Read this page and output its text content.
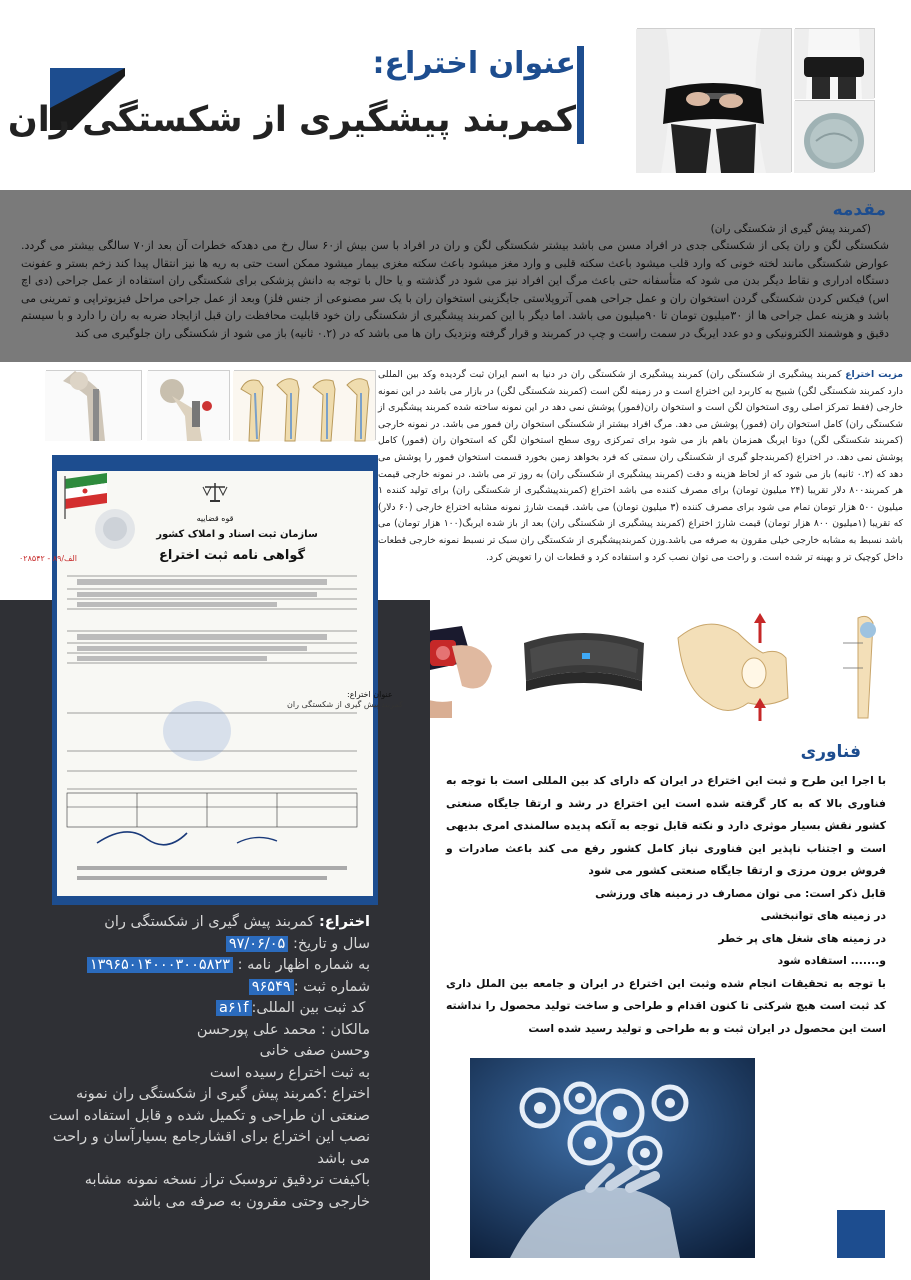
عنوان اختراع:
کمربند پیشگیری از شکستگی ران
مقدمه
(کمربند پیش گیری از شکستگی ران)
شکستگی لگن و ران یکی از شکستگی جدی در افراد مسن می باشد بیشتر شکستگی لگن و ران در افراد با سن بیش از۶۰ سال رخ می دهدکه خطرات آن بعد از۷۰ سالگی بیشتر می گردد. عوارض شکستگی مانند لخته خونی که وارد قلب میشود باعث سکته قلبی و وارد مغز میشود باعث سکته مغزی بیمار میشود ممکن است حتی به ریه ها نیز انتقال پیدا کند زخم بستر و عفونت دستگاه ادراری و نقاط دیگر بدن می شود که متأسفانه حتی باعث مرگ این افراد نیز می شود در گذشته و یا حال با توجه به دانش پزشکی برای شکستگی ران استفاده از عمل جراحی (دی اچ اس) فیکس کردن شکستگی گردن استخوان ران و عمل جراحی همی آتروپلاستی جایگزینی استخوان ران با یک سر مصنوعی از جنس فلز) وبعد از عمل جراحی مراحل فیزیوتراپی و تمرینی می باشد و هزینه عمل جراحی ها از ۳۰میلیون تومان تا ۹۰میلیون می باشد. اما دیگر با این کمربند پیشگیری از شکستگی ران خود قابلیت محافظت ران قبل ازایجاد ضربه به ران را دارد و با سیستم دقیق و هوشمند الکترونیکی و دو عدد ایربگ در سمت راست و چپ در کمربند و قرار گرفته ونزدیک ران ها می باشد که در (۰.۲ ثانیه) باز می شود از شکستگی ران جلوگیری می کند
مزیت اختراع کمربند پیشگیری از شکستگی ران) کمربند پیشگیری از شکستگی ران در دنیا به اسم ایران ثبت گردیده وکد بین المللی دارد کمربند شکستگی لگن) شبیح به کاربرد این اختراع است و در زمینه لگن است (کمربند شکستگی لگن) در بازار می باشد در این نمونه خارجی (فقط تمرکز اصلی روی استخوان لگن است و استخوان ران(فمور) پوشش نمی دهد در این نمونه ساخته شده کمربند پیشگیری از شکستگی ران) کامل استخوان ران (فمور) پوشش می دهد. مرگ افراد بیشتر از شکستگی استخوان ران فمور می باشد. در نمونه خارجی (کمربند شکستگی لگن) دوتا ایربگ همزمان باهم باز می شود برای تمرکزی روی سطح استخوان لگن که استخوان ران (فمور) کامل پوشش نمی دهد. در اختراع (کمربندجلو گیری از شکستگی ران سمتی که فرد بخواهد زمین بخورد قسمت استخوان فمور را پوشش می دهد که (۰.۲ ثانیه) باز می شود که از لحاظ هزینه و دقت (کمربند پیشگیری از شکستگی ران) به روز تر می باشد. در نمونه خارجی قیمت هر کمربند۸۰۰ دلار تقریبا (۲۴ میلیون تومان) برای مصرف کننده می باشد اختراع (کمربندپیشگیری از شکستگی ران) برای تولید کننده ۱ میلیون ۵۰۰ هزار تومان تمام می شود برای مصرف کننده (۳ میلیون تومان) می باشد. قیمت شارژ نمونه مشابه اختراع خارجی (۶۰ دلار) که تقریبا (۱میلیون ۸۰۰ هزار تومان) قیمت شارژ اختراع (کمربند پیشگیری از شکستگی ران) بعد از باز شده ایربگ(۱۰۰ هزار تومان) می باشد نسبط به مشابه خارجی خیلی مقرون به صرفه می باشد.وزن کمربندپیشگیری از شکستگی ران سبک تر نسبط نمونه خارجی قطعات داخل کوچیک تر و بهینه تر شده است. و راحت می توان نصب کرد و استفاده کرد و قطعات ان را تعویض کرد.
قوه قضاییه
سازمان ثبت اسناد و املاک کشور
گواهی نامه ثبت اختراع
الف/۸۹ - ۰۲۸۵۴۲
عنوان اختراع:
کمربند پیش گیری از شکستگی ران
اختراع: کمربند پیش گیری از شکستگی ران
سال و تاریخ: ۹۷/۰۶/۰۵
به شماره اظهار نامه : ۱۳۹۶۵۰۱۴۰۰۰۳۰۰۵۸۲۳
شماره ثبت :۹۶۵۴۹
کد ثبت بین المللی:a۶۱f
مالکان : محمد علی پورحسن
وحسن صفی خانی
به ثبت اختراع رسیده است
اختراع :کمربند پیش گیری از شکستگی ران نمونه صنعتی ان طراحی و تکمیل شده و قابل استفاده است
نصب این اختراع برای اقشارجامع بسیارآسان و راحت می باشد
باکیفت تردقیق تروسبک تراز نسخه نمونه مشابه خارجی وحتی مقرون به صرفه می باشد
فناوری

با اجرا این طرح و ثبت این اختراع در ایران که دارای کد بین المللی است با توجه به فناوری بالا که به کار گرفته شده است این اختراع در رشد و ارتقا جایگاه صنعتی کشور نقش بسیار موثری دارد و نکته قابل توجه به آنکه پدیده سالمندی امری بدیهی است و اجتناب ناپذیر این فناوری نیاز کامل کشور رفع می کند باعث صادرات و فروش برون مرزی و ارتقا جایگاه صنعتی کشور می شود

قابل ذکر است: می توان مصارف در زمینه های ورزشی

در زمینه های توانبخشی

در زمینه های شغل های پر خطر

و....... استفاده شود

با توجه به تحقیقات انجام شده وثبت این اختراع در ایران و جامعه بین الملل داری کد ثبت است هیچ شرکتی تا کنون اقدام و طراحی و ساخت تولید محصول را نداشته است این محصول در ایران ثبت و به طراحی و تولید رسید شده است
